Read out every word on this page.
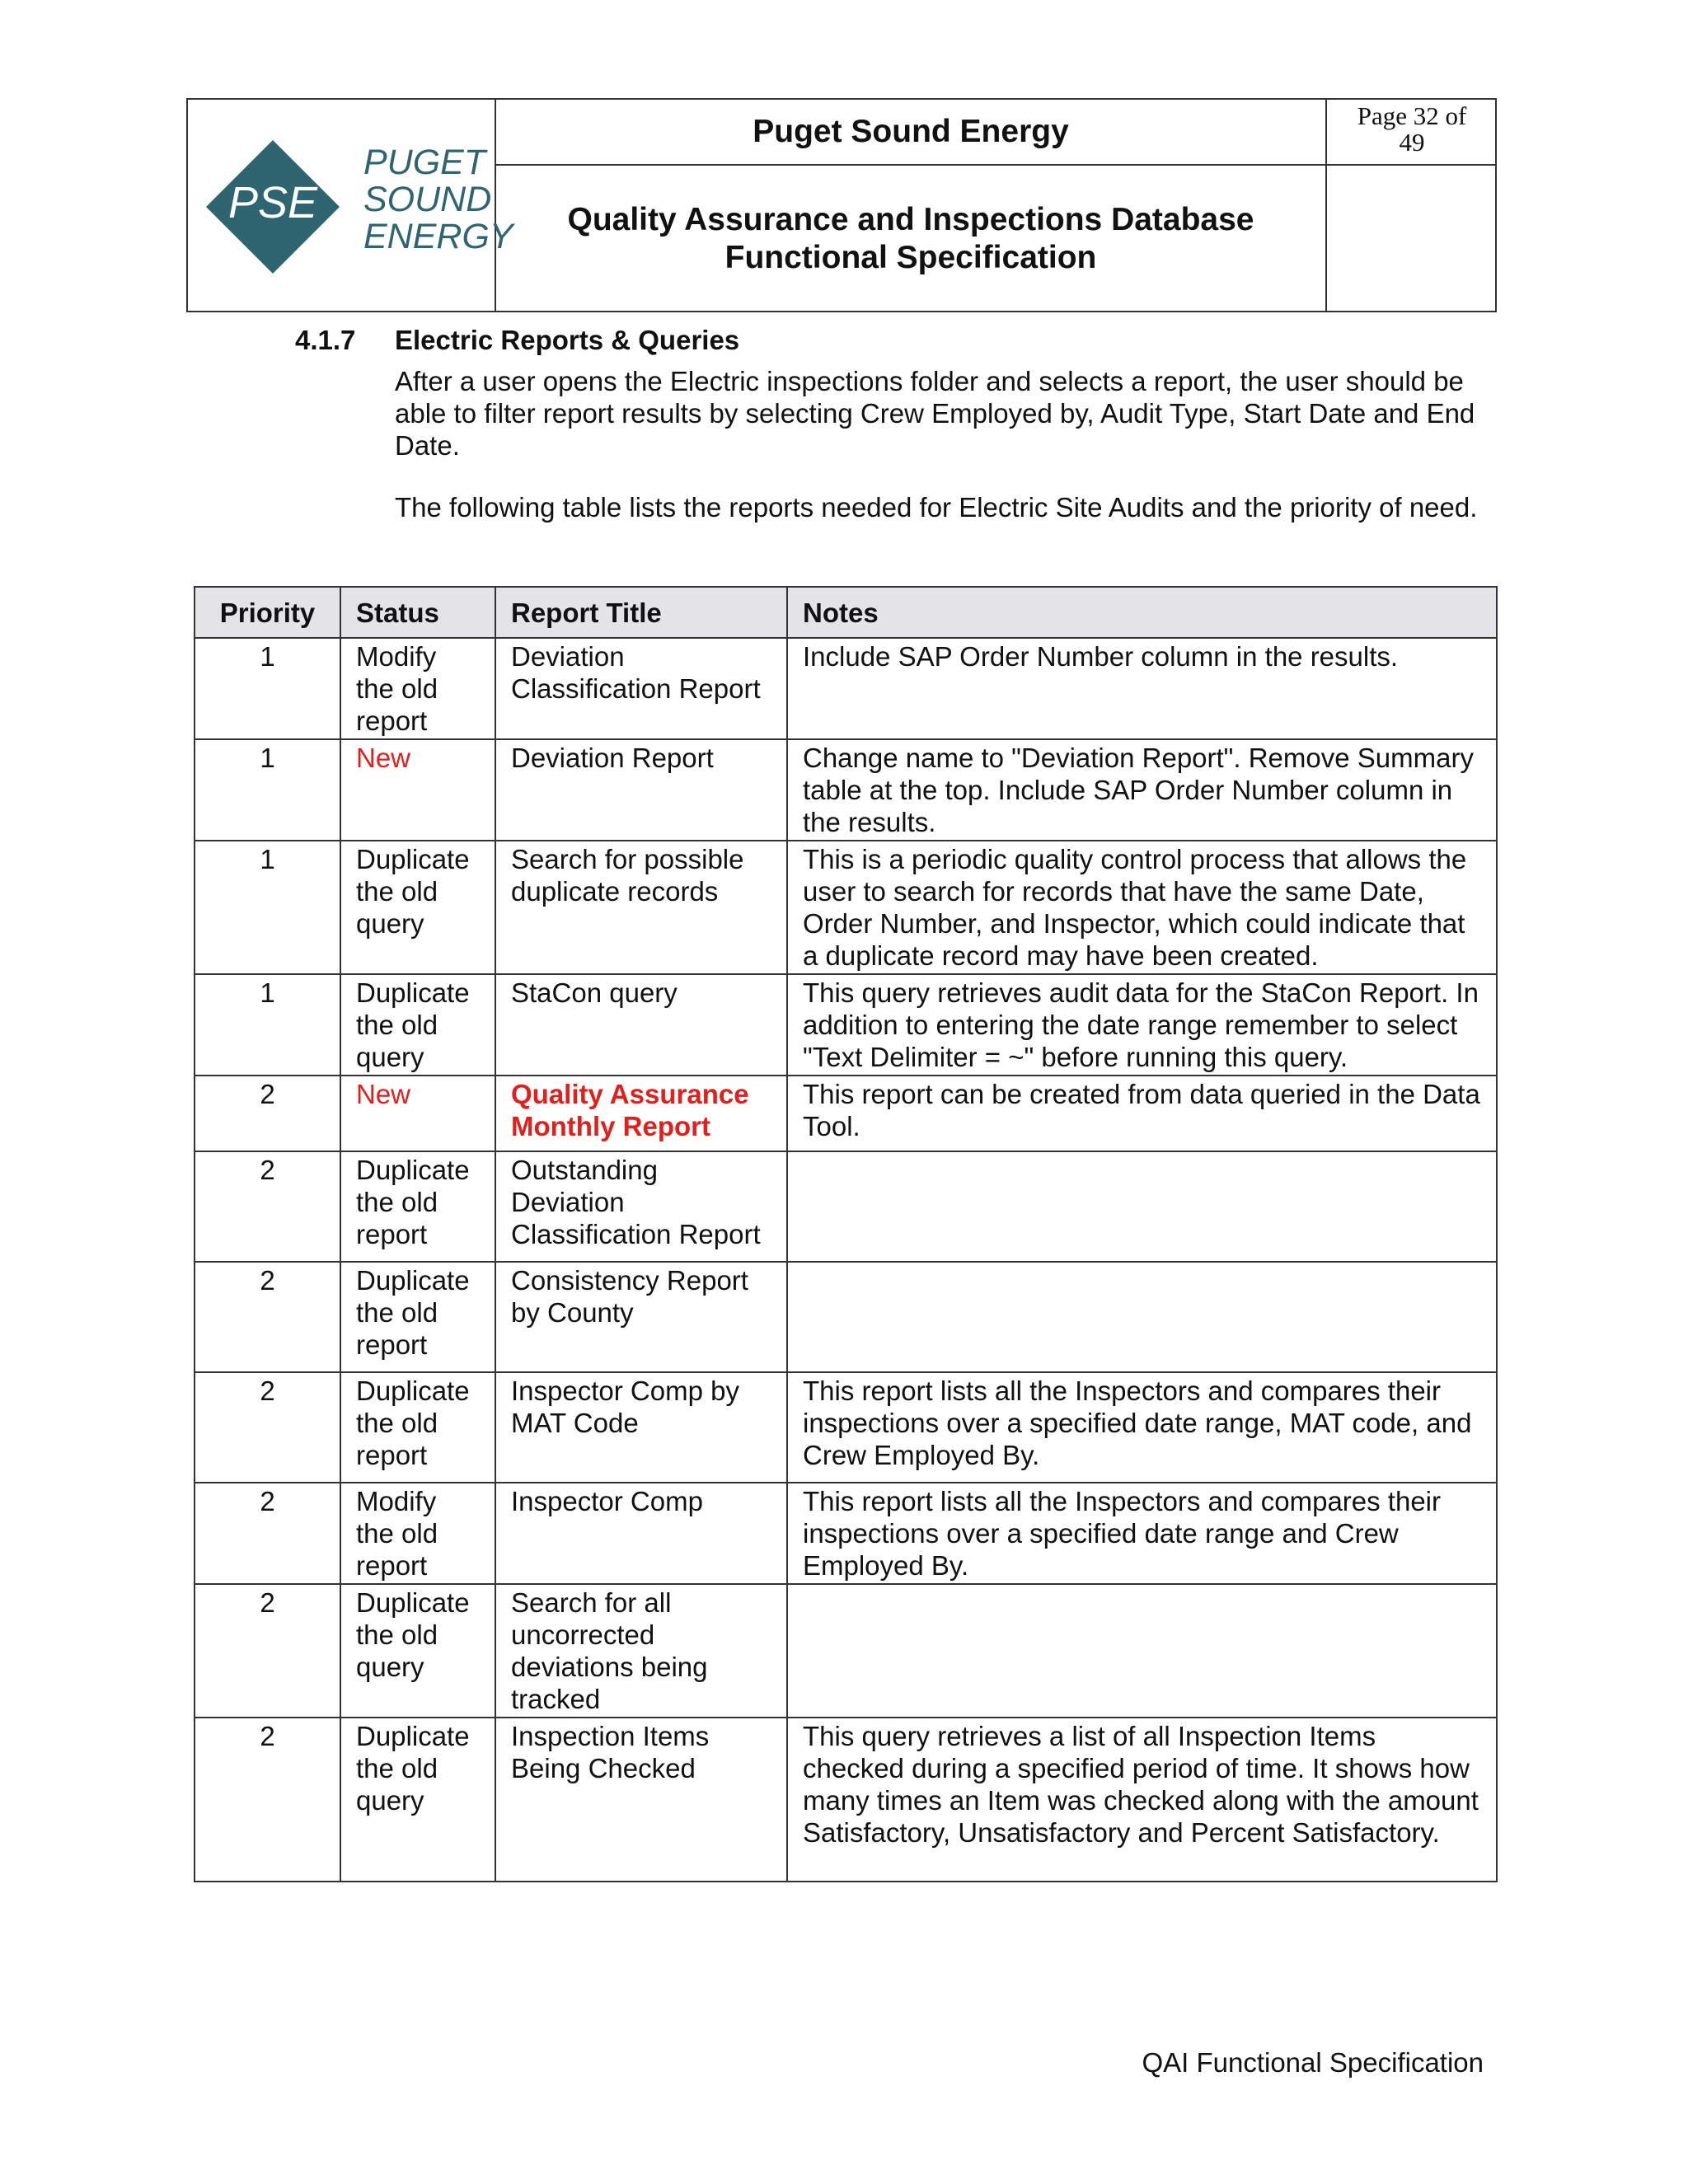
PSE
PUGET
SOUND
ENERGY
Puget Sound Energy
Quality Assurance and Inspections Database
Functional Specification
Page 32 of
49
4.1.7 Electric Reports & Queries

After a user opens the Electric inspections folder and selects a report, the user should be able to filter report results by selecting Crew Employed by, Audit Type, Start Date and End Date.

The following table lists the reports needed for Electric Site Audits and the priority of need.

Priority	Status	Report Title	Notes
1	Modify the old report	Deviation Classification Report	Include SAP Order Number column in the results.
1	New	Deviation Report	Change name to "Deviation Report". Remove Summary table at the top. Include SAP Order Number column in the results.
1	Duplicate the old query	Search for possible duplicate records	This is a periodic quality control process that allows the user to search for records that have the same Date, Order Number, and Inspector, which could indicate that a duplicate record may have been created.
1	Duplicate the old query	StaCon query	This query retrieves audit data for the StaCon Report. In addition to entering the date range remember to select "Text Delimiter = ~" before running this query.
2	New	Quality Assurance Monthly Report	This report can be created from data queried in the Data Tool.
2	Duplicate the old report	Outstanding Deviation Classification Report	
2	Duplicate the old report	Consistency Report by County	
2	Duplicate the old report	Inspector Comp by MAT Code	This report lists all the Inspectors and compares their inspections over a specified date range, MAT code, and Crew Employed By.
2	Modify the old report	Inspector Comp	This report lists all the Inspectors and compares their inspections over a specified date range and Crew Employed By.
2	Duplicate the old query	Search for all uncorrected deviations being tracked	
2	Duplicate the old query	Inspection Items Being Checked	This query retrieves a list of all Inspection Items checked during a specified period of time. It shows how many times an Item was checked along with the amount Satisfactory, Unsatisfactory and Percent Satisfactory.
QAI Functional Specification
